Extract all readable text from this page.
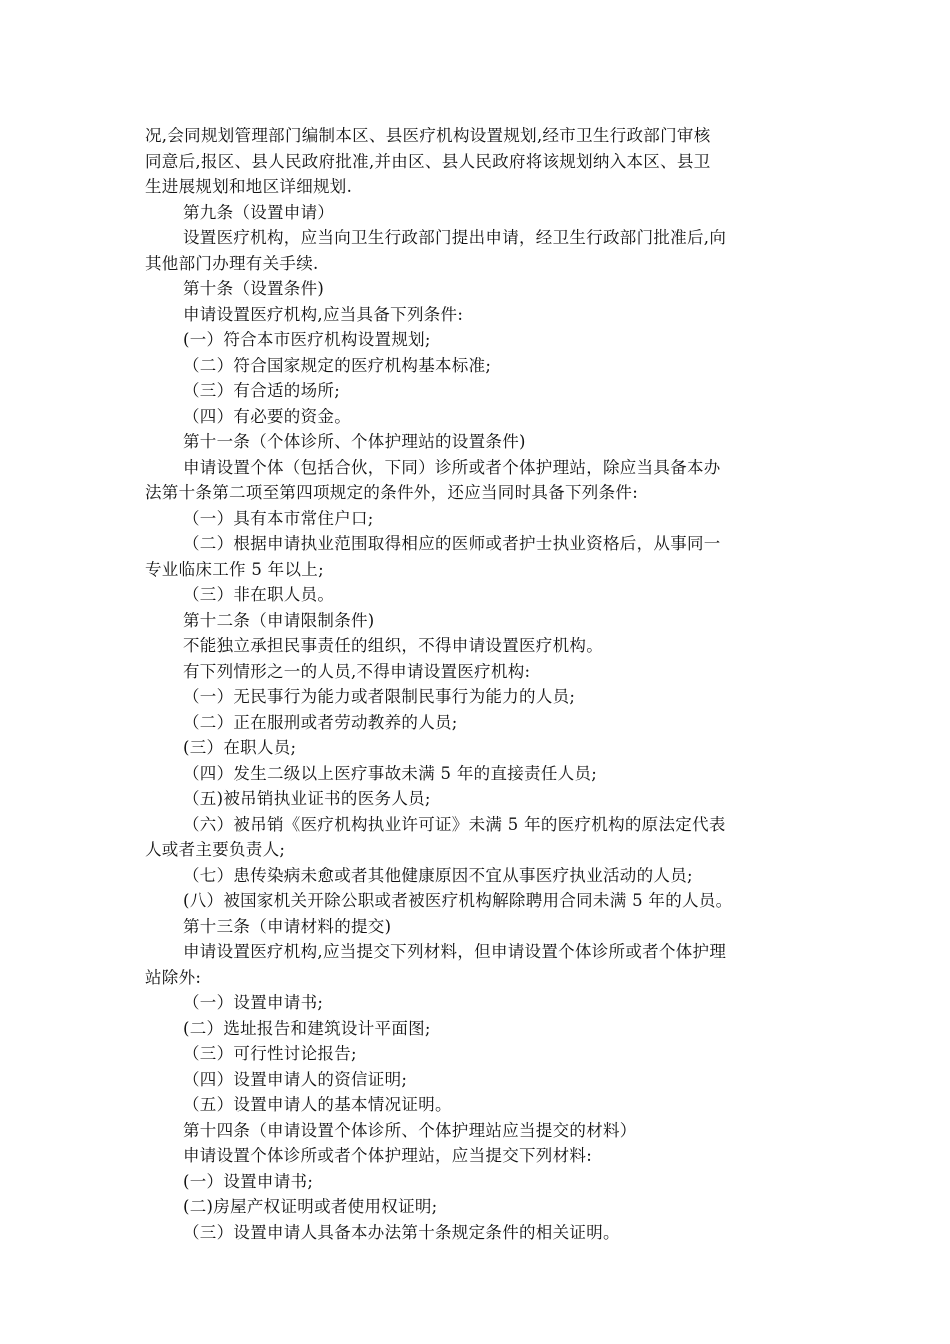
况,会同规划管理部门编制本区、县医疗机构设置规划,经市卫生行政部门审核
同意后,报区、县人民政府批准,并由区、县人民政府将该规划纳入本区、县卫
生进展规划和地区详细规划.
第九条（设置申请）
设置医疗机构，应当向卫生行政部门提出申请，经卫生行政部门批准后,向
其他部门办理有关手续.
第十条（设置条件)
申请设置医疗机构,应当具备下列条件:
(一）符合本市医疗机构设置规划;
（二）符合国家规定的医疗机构基本标准;
（三）有合适的场所;
（四）有必要的资金。
第十一条（个体诊所、个体护理站的设置条件)
申请设置个体（包括合伙，下同）诊所或者个体护理站，除应当具备本办
法第十条第二项至第四项规定的条件外，还应当同时具备下列条件:
（一）具有本市常住户口;
（二）根据申请执业范围取得相应的医师或者护士执业资格后，从事同一
专业临床工作 5 年以上;
（三）非在职人员。
第十二条（申请限制条件)
不能独立承担民事责任的组织，不得申请设置医疗机构。
有下列情形之一的人员,不得申请设置医疗机构:
（一）无民事行为能力或者限制民事行为能力的人员;
（二）正在服刑或者劳动教养的人员;
(三）在职人员;
（四）发生二级以上医疗事故未满 5 年的直接责任人员;
（五)被吊销执业证书的医务人员;
（六）被吊销《医疗机构执业许可证》未满 5 年的医疗机构的原法定代表
人或者主要负责人;
（七）患传染病未愈或者其他健康原因不宜从事医疗执业活动的人员;
(八）被国家机关开除公职或者被医疗机构解除聘用合同未满 5 年的人员。
第十三条（申请材料的提交)
申请设置医疗机构,应当提交下列材料，但申请设置个体诊所或者个体护理
站除外:
（一）设置申请书;
(二）选址报告和建筑设计平面图;
（三）可行性讨论报告;
（四）设置申请人的资信证明;
（五）设置申请人的基本情况证明。
第十四条（申请设置个体诊所、个体护理站应当提交的材料）
申请设置个体诊所或者个体护理站，应当提交下列材料:
(一）设置申请书;
(二)房屋产权证明或者使用权证明;
（三）设置申请人具备本办法第十条规定条件的相关证明。
